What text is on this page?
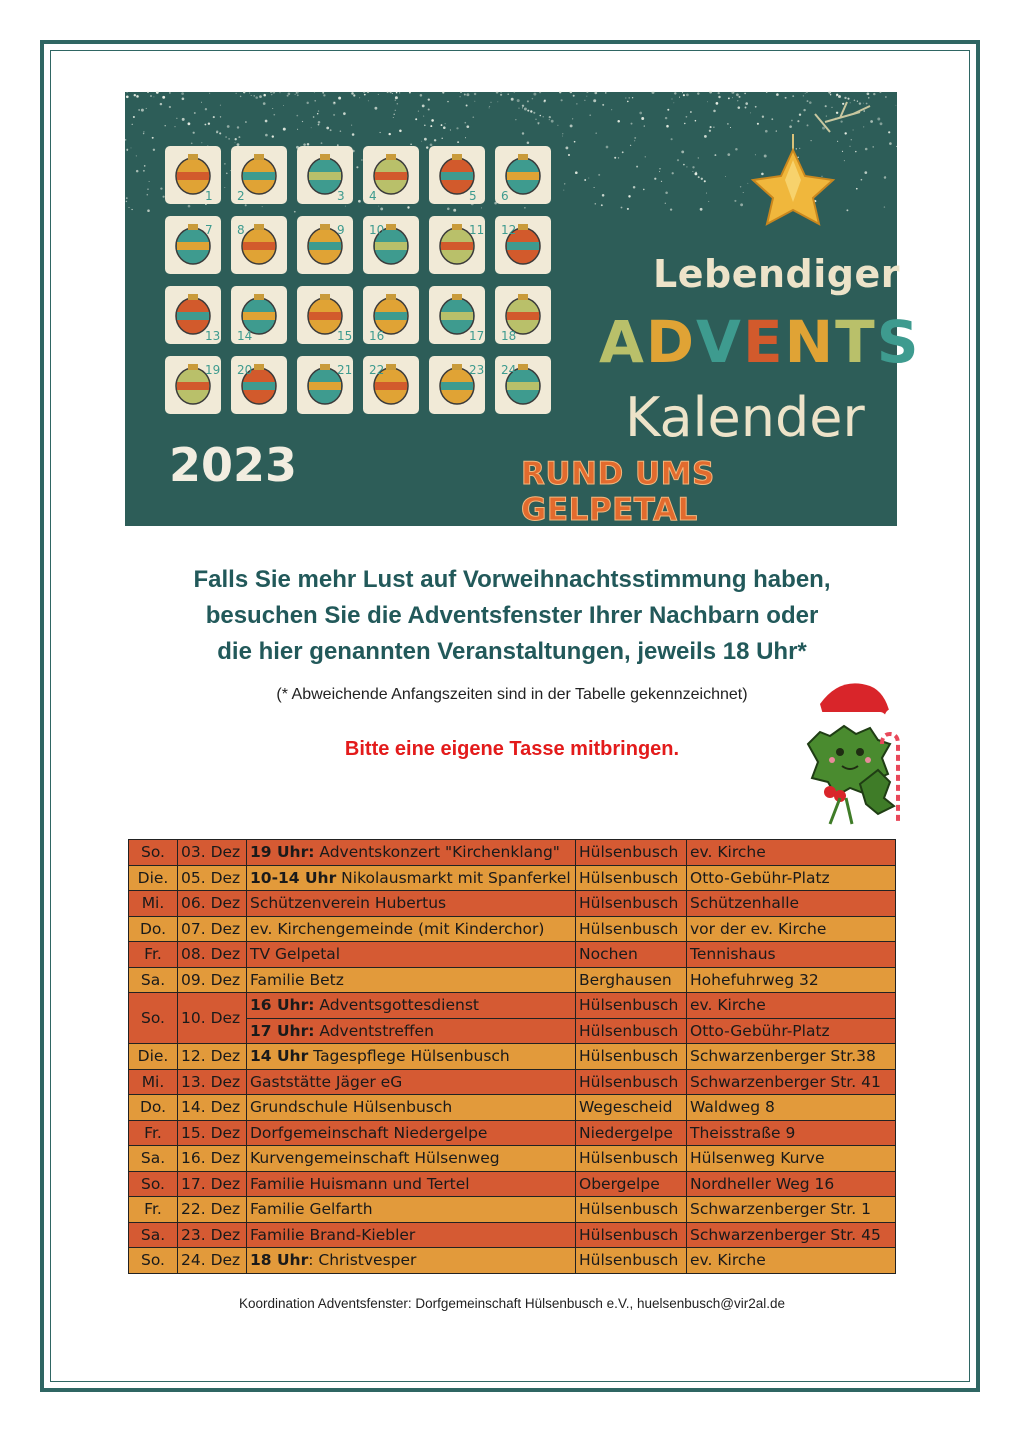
1 2	3 4	5 6
7 8	9 10	11 12
13 14	15 16	17 18
19 20	21 22	23 24
Lebendiger
ADVENTS
Kalender
RUND UMS GELPETAL
2023
Falls Sie mehr Lust auf Vorweihnachtsstimmung haben,
besuchen Sie die Adventsfenster Ihrer Nachbarn oder
die hier genannten Veranstaltungen, jeweils 18 Uhr*
(* Abweichende Anfangszeiten sind in der Tabelle gekennzeichnet)
Bitte eine eigene Tasse mitbringen.
So.	03. Dez	19 Uhr: Adventskonzert "Kirchenklang"	Hülsenbusch	ev. Kirche
Die.	05. Dez	10-14 Uhr Nikolausmarkt mit Spanferkel	Hülsenbusch	Otto-Gebühr-Platz
Mi.	06. Dez	Schützenverein Hubertus	Hülsenbusch	Schützenhalle
Do.	07. Dez	ev. Kirchengemeinde (mit Kinderchor)	Hülsenbusch	vor der ev. Kirche
Fr.	08. Dez	TV Gelpetal	Nochen	Tennishaus
Sa.	09. Dez	Familie Betz	Berghausen	Hohefuhrweg 32
So.	10. Dez	16 Uhr: Adventsgottesdienst	Hülsenbusch	ev. Kirche
		17 Uhr: Adventstreffen	Hülsenbusch	Otto-Gebühr-Platz
Die.	12. Dez	14 Uhr Tagespflege Hülsenbusch	Hülsenbusch	Schwarzenberger Str.38
Mi.	13. Dez	Gaststätte Jäger eG	Hülsenbusch	Schwarzenberger Str. 41
Do.	14. Dez	Grundschule Hülsenbusch	Wegescheid	Waldweg 8
Fr.	15. Dez	Dorfgemeinschaft Niedergelpe	Niedergelpe	Theisstraße 9
Sa.	16. Dez	Kurvengemeinschaft Hülsenweg	Hülsenbusch	Hülsenweg Kurve
So.	17. Dez	Familie Huismann und Tertel	Obergelpe	Nordheller Weg 16
Fr.	22. Dez	Familie Gelfarth	Hülsenbusch	Schwarzenberger Str. 1
Sa.	23. Dez	Familie Brand-Kiebler	Hülsenbusch	Schwarzenberger Str. 45
So.	24. Dez	18 Uhr: Christvesper	Hülsenbusch	ev. Kirche
Koordination Adventsfenster: Dorfgemeinschaft Hülsenbusch e.V., huelsenbusch@vir2al.de
